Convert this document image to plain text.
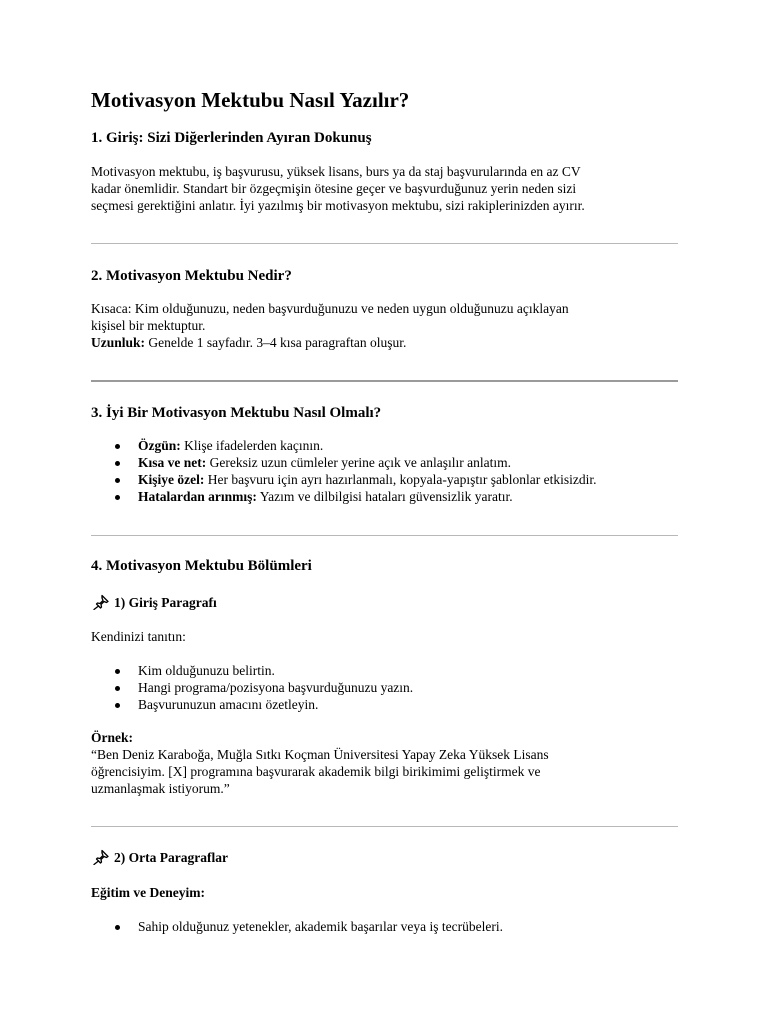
Motivasyon Mektubu Nasıl Yazılır?
1. Giriş: Sizi Diğerlerinden Ayıran Dokunuş
Motivasyon mektubu, iş başvurusu, yüksek lisans, burs ya da staj başvurularında en az CV
kadar önemlidir. Standart bir özgeçmişin ötesine geçer ve başvurduğunuz yerin neden sizi
seçmesi gerektiğini anlatır. İyi yazılmış bir motivasyon mektubu, sizi rakiplerinizden ayırır.
2. Motivasyon Mektubu Nedir?
Kısaca: Kim olduğunuzu, neden başvurduğunuzu ve neden uygun olduğunuzu açıklayan
kişisel bir mektuptur.
Uzunluk: Genelde 1 sayfadır. 3–4 kısa paragraftan oluşur.
3. İyi Bir Motivasyon Mektubu Nasıl Olmalı?
Özgün: Klişe ifadelerden kaçının.
Kısa ve net: Gereksiz uzun cümleler yerine açık ve anlaşılır anlatım.
Kişiye özel: Her başvuru için ayrı hazırlanmalı, kopyala-yapıştır şablonlar etkisizdir.
Hatalardan arınmış: Yazım ve dilbilgisi hataları güvensizlik yaratır.
4. Motivasyon Mektubu Bölümleri
1) Giriş Paragrafı
Kendinizi tanıtın:
Kim olduğunuzu belirtin.
Hangi programa/pozisyona başvurduğunuzu yazın.
Başvurunuzun amacını özetleyin.
Örnek:
“Ben Deniz Karaboğa, Muğla Sıtkı Koçman Üniversitesi Yapay Zeka Yüksek Lisans
öğrencisiyim. [X] programına başvurarak akademik bilgi birikimimi geliştirmek ve
uzmanlaşmak istiyorum.”
2) Orta Paragraflar
Eğitim ve Deneyim:
Sahip olduğunuz yetenekler, akademik başarılar veya iş tecrübeleri.
